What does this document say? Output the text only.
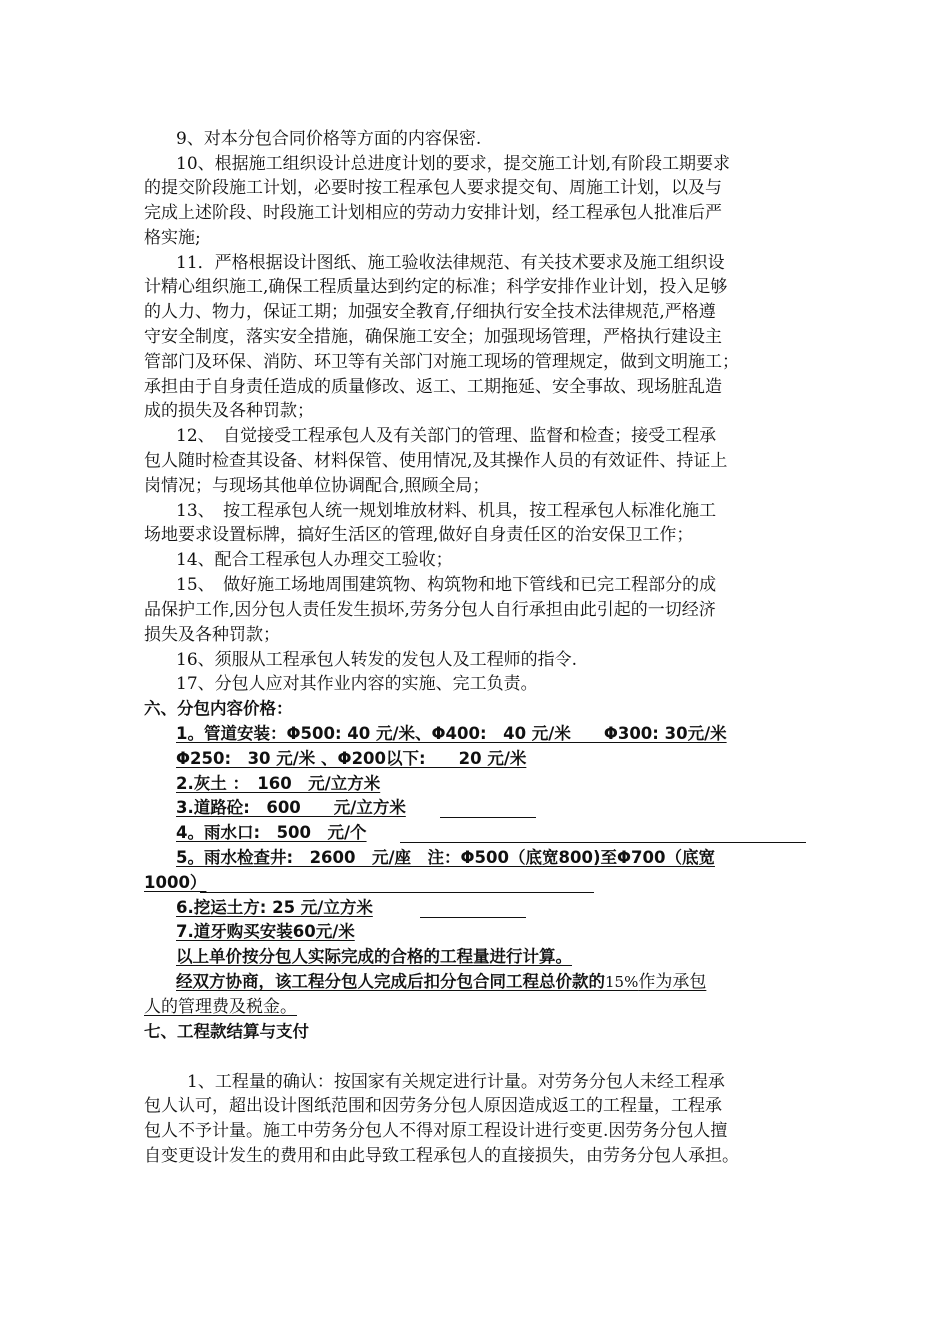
9、对本分包合同价格等方面的内容保密.
10、根据施工组织设计总进度计划的要求，提交施工计划,有阶段工期要求
的提交阶段施工计划，必要时按工程承包人要求提交旬、周施工计划，以及与
完成上述阶段、时段施工计划相应的劳动力安排计划，经工程承包人批准后严
格实施;
11．严格根据设计图纸、施工验收法律规范、有关技术要求及施工组织设
计精心组织施工,确保工程质量达到约定的标准；科学安排作业计划，投入足够
的人力、物力，保证工期；加强安全教育,仔细执行安全技术法律规范,严格遵
守安全制度，落实安全措施，确保施工安全；加强现场管理，严格执行建设主
管部门及环保、消防、环卫等有关部门对施工现场的管理规定，做到文明施工；
承担由于自身责任造成的质量修改、返工、工期拖延、安全事故、现场脏乱造
成的损失及各种罚款；
12、　自觉接受工程承包人及有关部门的管理、监督和检查；接受工程承
包人随时检查其设备、材料保管、使用情况,及其操作人员的有效证件、持证上
岗情况；与现场其他单位协调配合,照顾全局；
13、　按工程承包人统一规划堆放材料、机具，按工程承包人标准化施工
场地要求设置标牌，搞好生活区的管理,做好自身责任区的治安保卫工作；
14、配合工程承包人办理交工验收；
15、　做好施工场地周围建筑物、构筑物和地下管线和已完工程部分的成
品保护工作,因分包人责任发生损坏,劳务分包人自行承担由此引起的一切经济
损失及各种罚款；
16、须服从工程承包人转发的发包人及工程师的指令.
17、分包人应对其作业内容的实施、完工负责。
六、分包内容价格：
1。管道安装：Φ500: 40 元/米、Φ400:　40 元/米　　Φ300: 30元/米
Φ250:　30 元/米 、Φ200以下:　　20 元/米
2.灰土 ：　160　元/立方米
3.道路砼:　600　　元/立方米
4。雨水口:　500　元/个
5。雨水检查井:　2600　元/座　注：Φ500（底宽800)至Φ700（底宽
1000）
6.挖运土方: 25 元/立方米
7.道牙购买安装60元/米
以上单价按分包人实际完成的合格的工程量进行计算。
经双方协商，该工程分包人完成后扣分包合同工程总价款的15%作为承包
人的管理费及税金。
七、工程款结算与支付
1、工程量的确认：按国家有关规定进行计量。对劳务分包人未经工程承
包人认可，超出设计图纸范围和因劳务分包人原因造成返工的工程量，工程承
包人不予计量。施工中劳务分包人不得对原工程设计进行变更.因劳务分包人擅
自变更设计发生的费用和由此导致工程承包人的直接损失，由劳务分包人承担。
